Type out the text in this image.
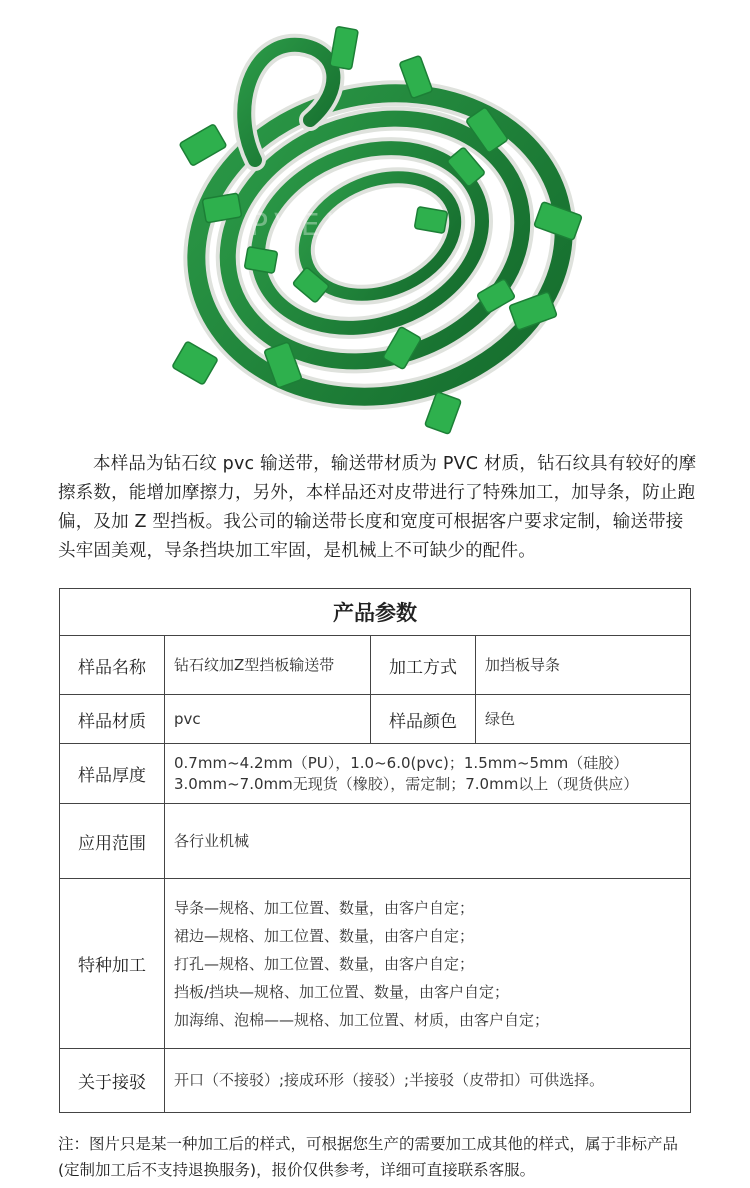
PVEL

本样品为钻石纹 pvc 输送带，输送带材质为 PVC 材质，钻石纹具有较好的摩擦系数，能增加摩擦力，另外，本样品还对皮带进行了特殊加工，加导条，防止跑偏，及加 Z 型挡板。我公司的输送带长度和宽度可根据客户要求定制，输送带接头牢固美观，导条挡块加工牢固，是机械上不可缺少的配件。

产品参数			
样品名称	钻石纹加Z型挡板输送带	加工方式	加挡板导条
样品材质	pvc	样品颜色	绿色
样品厚度	0.7mm~4.2mm（PU），1.0~6.0(pvc)；1.5mm~5mm（硅胶）
3.0mm~7.0mm无现货（橡胶），需定制；7.0mm以上（现货供应）		

应用范围	各行业机械		
特种加工	导条—规格、加工位置、数量，由客户自定；
裙边—规格、加工位置、数量，由客户自定；
打孔—规格、加工位置、数量，由客户自定；
挡板/挡块—规格、加工位置、数量，由客户自定；
加海绵、泡棉——规格、加工位置、材质，由客户自定；		

关于接驳	开口（不接驳）;接成环形（接驳）;半接驳（皮带扣）可供选择。		

注：图片只是某一种加工后的样式，可根据您生产的需要加工成其他的样式，属于非标产品(定制加工后不支持退换服务)，报价仅供参考，详细可直接联系客服。
